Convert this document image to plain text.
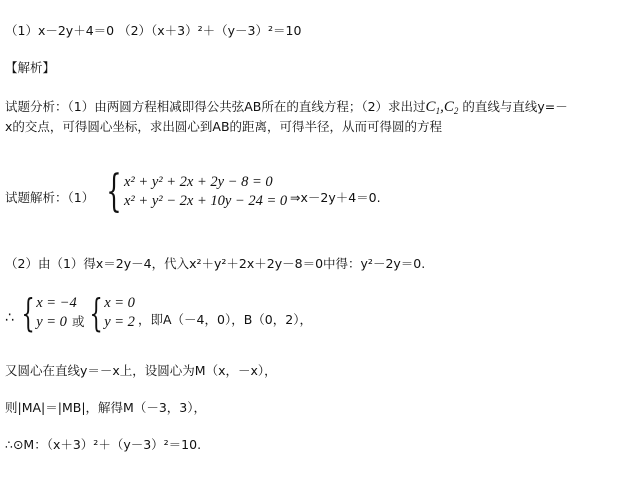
（1）x－2y＋4＝0 （2）（x＋3）²＋（y－3）²＝10
【解析】
试题分析：（1）由两圆方程相减即得公共弦AB所在的直线方程；（2）求出过$C_1,C_2$ 的直线与直线y=－
x的交点，可得圆心坐标，求出圆心到AB的距离，可得半径，从而可得圆的方程
试题解析：（1） { x² + y² + 2x + 2y − 8 = 0
x² + y² − 2x + 10y − 24 = 0 ⇒x－2y＋4＝0.
（2）由（1）得x＝2y－4，代入x²＋y²＋2x＋2y－8＝0中得：y²－2y＝0.
∴ { x = −4
y = 0 或 { x = 0
y = 2 ，即A（－4，0），B（0，2），
又圆心在直线y＝－x上，设圆心为M（x，－x），
则|MA|＝|MB|，解得M（－3，3），
∴⊙M：（x＋3）²＋（y－3）²＝10.
